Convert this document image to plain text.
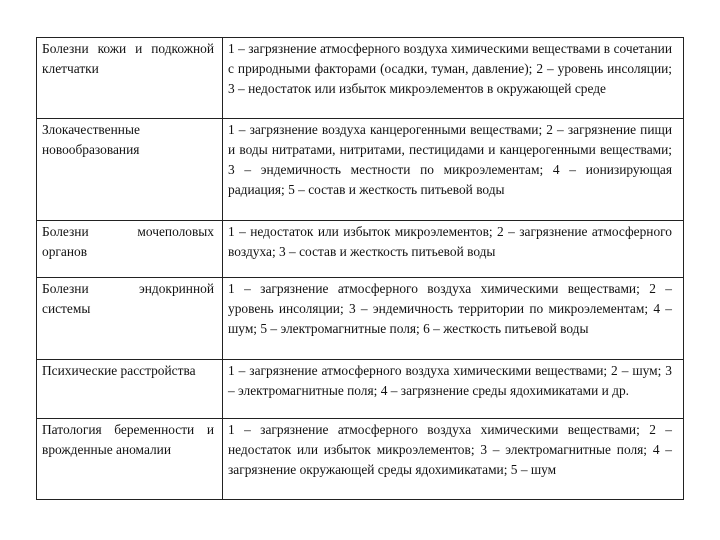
Болезни кожи и подкожной клетчатки	1 – загрязнение атмосферного воздуха химическими веществами в сочетании с природными факторами (осадки, туман, давление); 2 – уровень инсоляции; 3 – недостаток или избыток микроэлементов в окружающей среде
Злокачественные новообразования	1 – загрязнение воздуха канцерогенными веществами; 2 – загрязнение пищи и воды нитратами, нитритами, пестицидами и канцерогенными веществами; 3 – эндемичность местности по микроэлементам; 4 – ионизирующая радиация; 5 – состав и жесткость питьевой воды
Болезни мочеполовых органов	1 – недостаток или избыток микроэлементов; 2 – загрязнение атмосферного воздуха; 3 – состав и жесткость питьевой воды
Болезни эндокринной системы	1 – загрязнение атмосферного воздуха химическими веществами; 2 – уровень инсоляции; 3 – эндемичность территории по микроэлементам; 4 – шум; 5 – электромагнитные поля; 6 – жесткость питьевой воды
Психические расстройства	1 – загрязнение атмосферного воздуха химическими веществами; 2 – шум; 3 – электромагнитные поля; 4 – загрязнение среды ядохимикатами и др.
Патология беременности и врожденные аномалии	1 – загрязнение атмосферного воздуха химическими веществами; 2 – недостаток или избыток микроэлементов; 3 – электромагнитные поля; 4 – загрязнение окружающей среды ядохимикатами; 5 – шум
